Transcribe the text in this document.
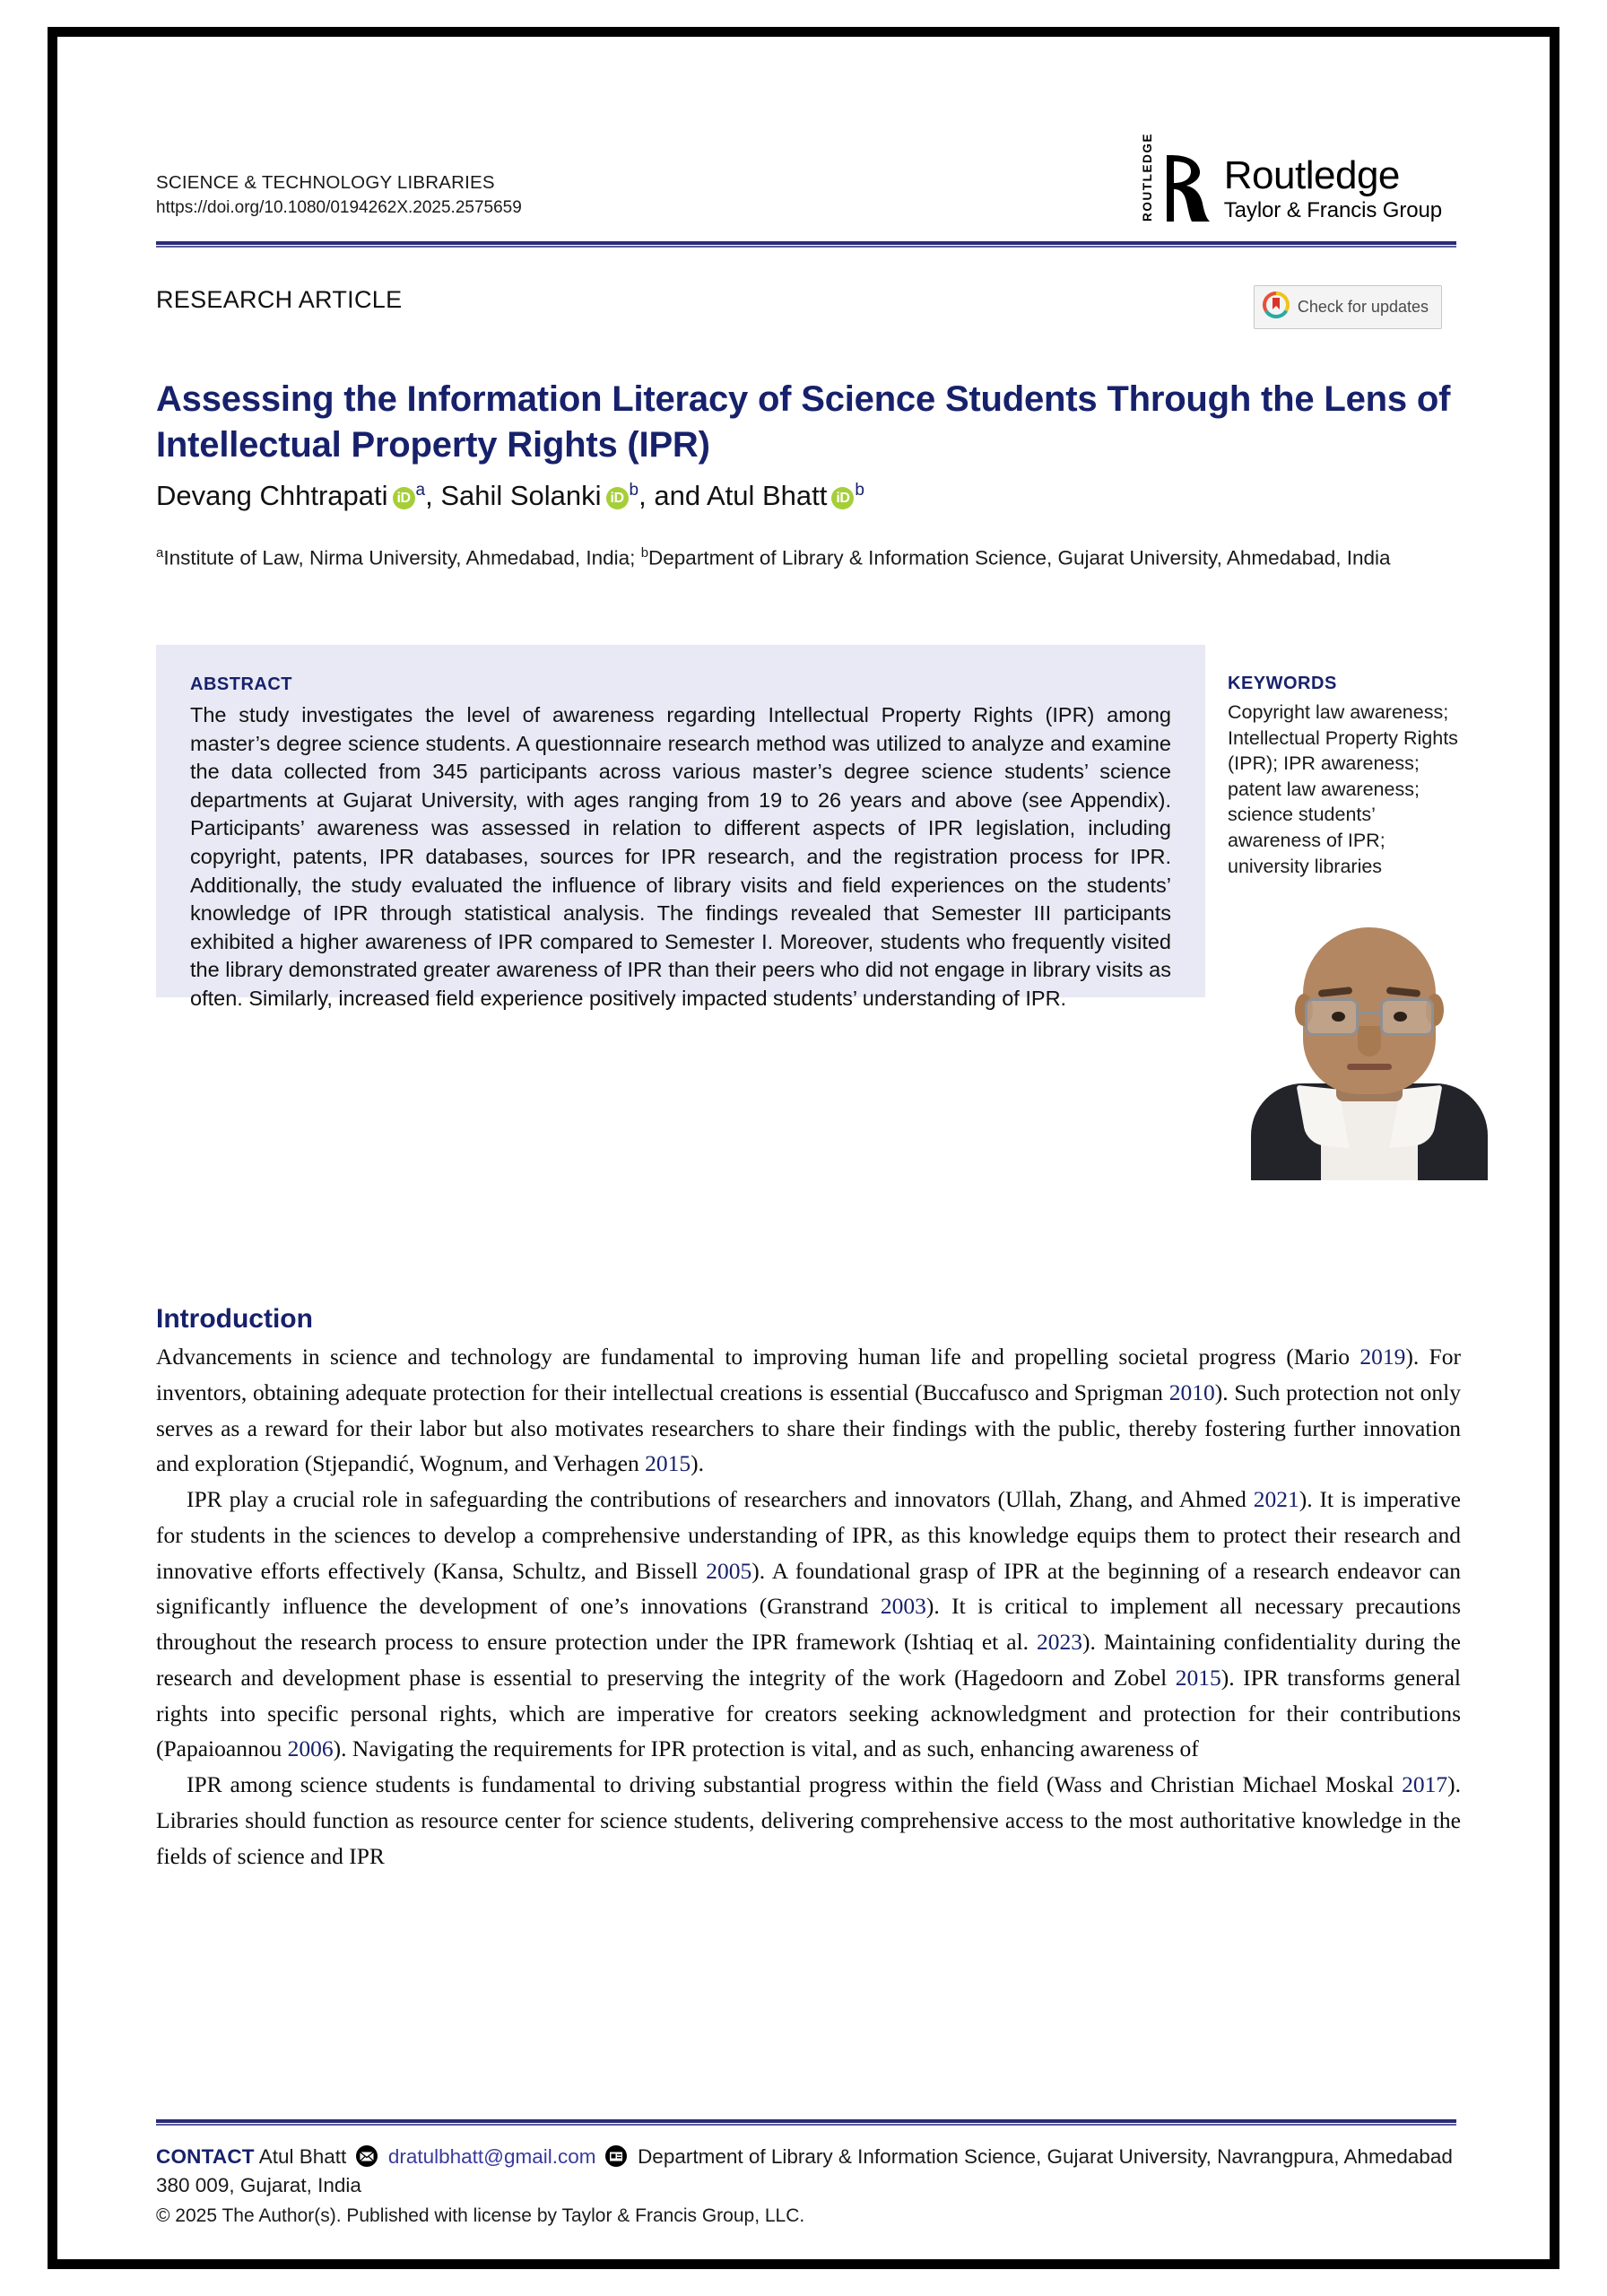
SCIENCE & TECHNOLOGY LIBRARIES
https://doi.org/10.1080/0194262X.2025.2575659	ROUTLEDGE Routledge
Taylor & Francis Group
RESEARCH ARTICLE	Check for updates
Assessing the Information Literacy of Science Students Through the Lens of Intellectual Property Rights (IPR)
Devang Chhtrapati iD $^a$, Sahil Solanki iD $^b$, and Atul Bhatt iD $^b$
$^a$Institute of Law, Nirma University, Ahmedabad, India; $^b$Department of Library & Information Science, Gujarat University, Ahmedabad, India
ABSTRACT
The study investigates the level of awareness regarding Intellectual Property Rights (IPR) among master’s degree science students. A questionnaire research method was utilized to analyze and examine the data collected from 345 participants across various master’s degree science students’ science departments at Gujarat University, with ages ranging from 19 to 26 years and above (see Appendix). Participants’ awareness was assessed in relation to different aspects of IPR legislation, including copyright, patents, IPR databases, sources for IPR research, and the registration process for IPR. Additionally, the study evaluated the influence of library visits and field experiences on the students’ knowledge of IPR through statistical analysis. The findings revealed that Semester III participants exhibited a higher awareness of IPR compared to Semester I. Moreover, students who frequently visited the library demonstrated greater awareness of IPR than their peers who did not engage in library visits as often. Similarly, increased field experience positively impacted students’ understanding of IPR.
KEYWORDS
Copyright law awareness; Intellectual Property Rights (IPR); IPR awareness; patent law awareness; science students’ awareness of IPR; university libraries
Introduction

Advancements in science and technology are fundamental to improving human life and propelling societal progress (Mario 2019). For inventors, obtaining adequate protection for their intellectual creations is essential (Buccafusco and Sprigman 2010). Such protection not only serves as a reward for their labor but also motivates researchers to share their findings with the public, thereby fostering further innovation and exploration (Stjepandić, Wognum, and Verhagen 2015).

IPR play a crucial role in safeguarding the contributions of researchers and innovators (Ullah, Zhang, and Ahmed 2021). It is imperative for students in the sciences to develop a comprehensive understanding of IPR, as this knowledge equips them to protect their research and innovative efforts effectively (Kansa, Schultz, and Bissell 2005). A foundational grasp of IPR at the beginning of a research endeavor can significantly influence the development of one’s innovations (Granstrand 2003). It is critical to implement all necessary precautions throughout the research process to ensure protection under the IPR framework (Ishtiaq et al. 2023). Maintaining confidentiality during the research and development phase is essential to preserving the integrity of the work (Hagedoorn and Zobel 2015). IPR transforms general rights into specific personal rights, which are imperative for creators seeking acknowledgment and protection for their contributions (Papaioannou 2006). Navigating the requirements for IPR protection is vital, and as such, enhancing awareness of

IPR among science students is fundamental to driving substantial progress within the field (Wass and Christian Michael Moskal 2017). Libraries should function as resource center for science students, delivering comprehensive access to the most authoritative knowledge in the fields of science and IPR

CONTACT Atul Bhatt dratulbhatt@gmail.com Department of Library & Information Science, Gujarat University, Navrangpura, Ahmedabad 380 009, Gujarat, India
© 2025 The Author(s). Published with license by Taylor & Francis Group, LLC.
